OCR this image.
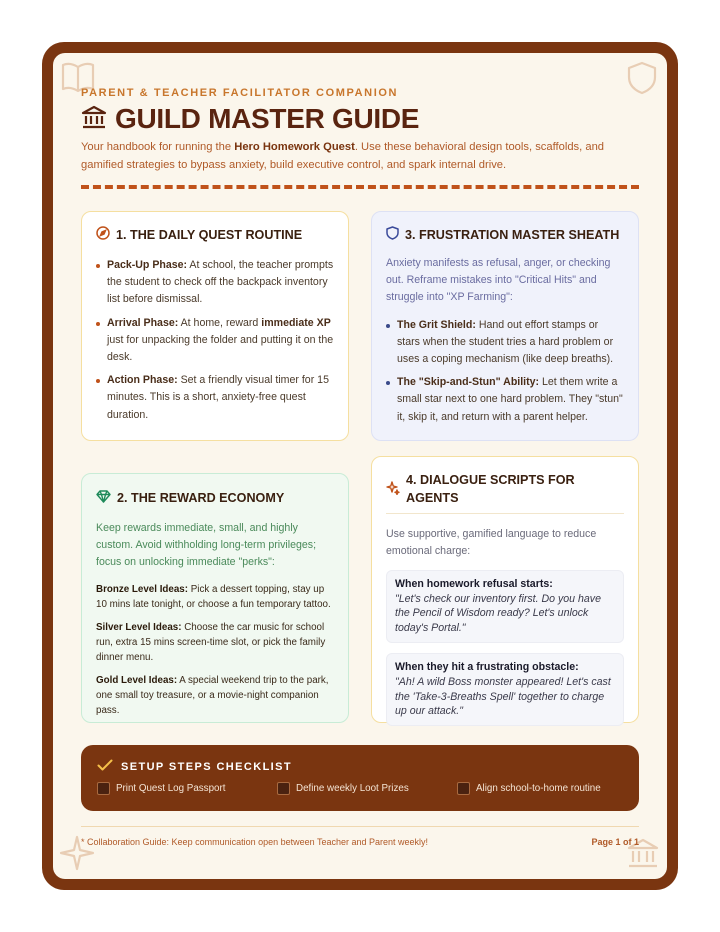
PARENT & TEACHER FACILITATOR COMPANION
GUILD MASTER GUIDE
Your handbook for running the Hero Homework Quest. Use these behavioral design tools, scaffolds, and gamified strategies to bypass anxiety, build executive control, and spark internal drive.
1. THE DAILY QUEST ROUTINE
Pack-Up Phase: At school, the teacher prompts the student to check off the backpack inventory list before dismissal.
Arrival Phase: At home, reward immediate XP just for unpacking the folder and putting it on the desk.
Action Phase: Set a friendly visual timer for 15 minutes. This is a short, anxiety-free quest duration.
3. FRUSTRATION MASTER SHEATH
Anxiety manifests as refusal, anger, or checking out. Reframe mistakes into "Critical Hits" and struggle into "XP Farming":
The Grit Shield: Hand out effort stamps or stars when the student tries a hard problem or uses a coping mechanism (like deep breaths).
The "Skip-and-Stun" Ability: Let them write a small star next to one hard problem. They "stun" it, skip it, and return with a parent helper.
2. THE REWARD ECONOMY
Keep rewards immediate, small, and highly custom. Avoid withholding long-term privileges; focus on unlocking immediate "perks":
Bronze Level Ideas: Pick a dessert topping, stay up 10 mins late tonight, or choose a fun temporary tattoo.
Silver Level Ideas: Choose the car music for school run, extra 15 mins screen-time slot, or pick the family dinner menu.
Gold Level Ideas: A special weekend trip to the park, one small toy treasure, or a movie-night companion pass.
4. DIALOGUE SCRIPTS FOR AGENTS
Use supportive, gamified language to reduce emotional charge:
When homework refusal starts:
"Let's check our inventory first. Do you have the Pencil of Wisdom ready? Let's unlock today's Portal."
When they hit a frustrating obstacle:
"Ah! A wild Boss monster appeared! Let's cast the 'Take-3-Breaths Spell' together to charge up our attack."
SETUP STEPS CHECKLIST
Print Quest Log Passport	Define weekly Loot Prizes	Align school-to-home routine
* Collaboration Guide: Keep communication open between Teacher and Parent weekly!	Page 1 of 1
